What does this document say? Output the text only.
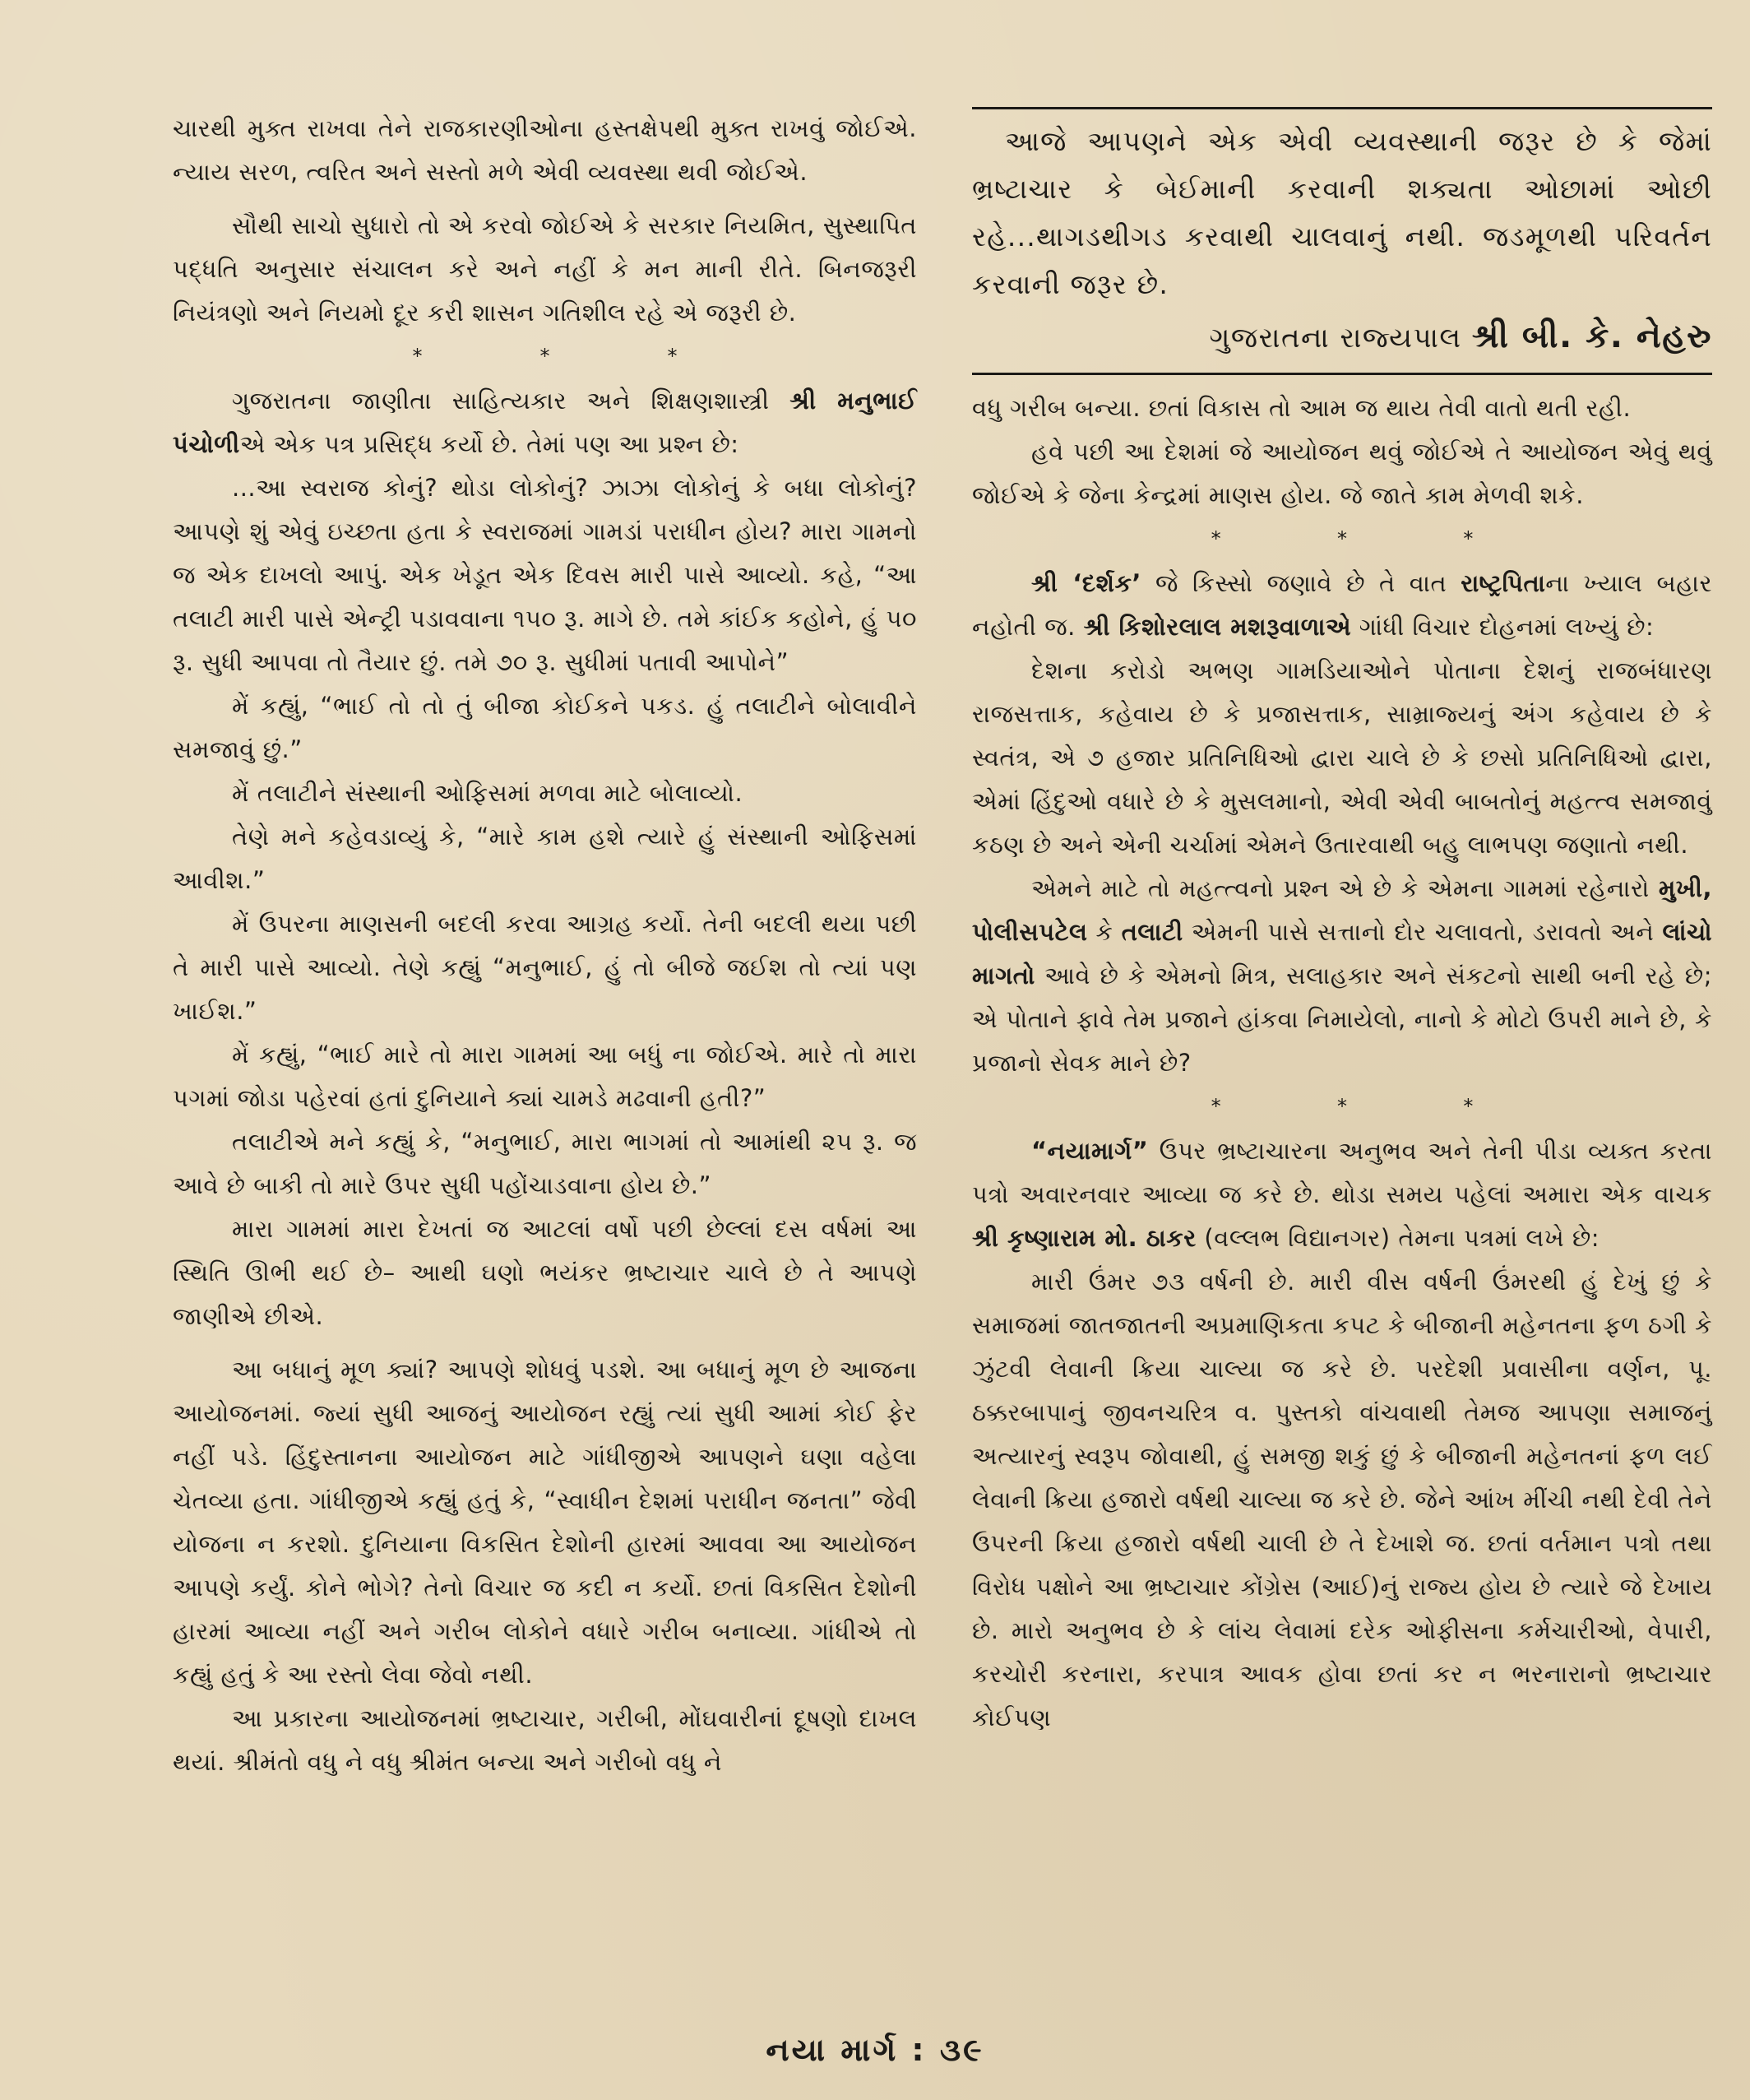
ચારથી મુક્ત રાખવા તેને રાજકારણીઓના હસ્તક્ષેપથી મુક્ત રાખવું જોઈએ. ન્યાય સરળ, ત્વરિત અને સસ્તો મળે એવી વ્યવસ્થા થવી જોઈએ.

સૌથી સાચો સુધારો તો એ કરવો જોઈએ કે સરકાર નિયમિત, સુસ્થાપિત પદ્ધતિ અનુસાર સંચાલન કરે અને નહીં કે મન માની રીતે. બિનજરૂરી નિયંત્રણો અને નિયમો દૂર કરી શાસન ગતિશીલ રહે એ જરૂરી છે.

*	*	*

ગુજરાતના જાણીતા સાહિત્યકાર અને શિક્ષણશાસ્ત્રી શ્રી મનુભાઈ પંચોળીએ એક પત્ર પ્રસિદ્ધ કર્યો છે. તેમાં પણ આ પ્રશ્ન છે:

...આ સ્વરાજ કોનું? થોડા લોકોનું? ઝાઝા લોકોનું કે બધા લોકોનું? આપણે શું એવું ઇચ્છતા હતા કે સ્વરાજમાં ગામડાં પરાધીન હોય? મારા ગામનો જ એક દાખલો આપું. એક ખેડૂત એક દિવસ મારી પાસે આવ્યો. કહે, “આ તલાટી મારી પાસે એન્ટ્રી પડાવવાના ૧૫૦ રૂ. માગે છે. તમે કાંઈક કહોને, હું ૫૦ રૂ. સુધી આપવા તો તૈયાર છું. તમે ૭૦ રૂ. સુધીમાં પતાવી આપોને”

મેં કહ્યું, “ભાઈ તો તો તું બીજા કોઈકને પકડ. હું તલાટીને બોલાવીને સમજાવું છું.”

મેં તલાટીને સંસ્થાની ઓફિસમાં મળવા માટે બોલાવ્યો.

તેણે મને કહેવડાવ્યું કે, “મારે કામ હશે ત્યારે હું સંસ્થાની ઓફિસમાં આવીશ.”

મેં ઉપરના માણસની બદલી કરવા આગ્રહ કર્યો. તેની બદલી થયા પછી તે મારી પાસે આવ્યો. તેણે કહ્યું “મનુભાઈ, હું તો બીજે જઈશ તો ત્યાં પણ ખાઈશ.”

મેં કહ્યું, “ભાઈ મારે તો મારા ગામમાં આ બધું ના જોઈએ. મારે તો મારા પગમાં જોડા પહેરવાં હતાં દુનિયાને ક્યાં ચામડે મઢવાની હતી?”

તલાટીએ મને કહ્યું કે, “મનુભાઈ, મારા ભાગમાં તો આમાંથી ૨૫ રૂ. જ આવે છે બાકી તો મારે ઉપર સુધી પહોંચાડવાના હોય છે.”

મારા ગામમાં મારા દેખતાં જ આટલાં વર્ષો પછી છેલ્લાં દસ વર્ષમાં આ સ્થિતિ ઊભી થઈ છે– આથી ઘણો ભયંકર ભ્રષ્ટાચાર ચાલે છે તે આપણે જાણીએ છીએ.

આ બધાનું મૂળ ક્યાં? આપણે શોધવું પડશે. આ બધાનું મૂળ છે આજના આયોજનમાં. જ્યાં સુધી આજનું આયોજન રહ્યું ત્યાં સુધી આમાં કોઈ ફેર નહીં પડે. હિંદુસ્તાનના આયોજન માટે ગાંધીજીએ આપણને ઘણા વહેલા ચેતવ્યા હતા. ગાંધીજીએ કહ્યું હતું કે, “સ્વાધીન દેશમાં પરાધીન જનતા” જેવી યોજના ન કરશો. દુનિયાના વિકસિત દેશોની હારમાં આવવા આ આયોજન આપણે કર્યું. કોને ભોગે? તેનો વિચાર જ કદી ન કર્યો. છતાં વિકસિત દેશોની હારમાં આવ્યા નહીં અને ગરીબ લોકોને વધારે ગરીબ બનાવ્યા. ગાંધીએ તો કહ્યું હતું કે આ રસ્તો લેવા જેવો નથી.

આ પ્રકારના આયોજનમાં ભ્રષ્ટાચાર, ગરીબી, મોંઘવારીનાં દૂષણો દાખલ થયાં. શ્રીમંતો વધુ ને વધુ શ્રીમંત બન્યા અને ગરીબો વધુ ને

આજે આપણને એક એવી વ્યવસ્થાની જરૂર છે કે જેમાં ભ્રષ્ટાચાર કે બેઈમાની કરવાની શક્યતા ઓછામાં ઓછી રહે...થાગડથીગડ કરવાથી ચાલવાનું નથી. જડમૂળથી પરિવર્તન કરવાની જરૂર છે.

ગુજરાતના રાજ્યપાલ શ્રી બી. કે. નેહરુ

વધુ ગરીબ બન્યા. છતાં વિકાસ તો આમ જ થાય તેવી વાતો થતી રહી.

હવે પછી આ દેશમાં જે આયોજન થવું જોઈએ તે આયોજન એવું થવું જોઈએ કે જેના કેન્દ્રમાં માણસ હોય. જે જાતે કામ મેળવી શકે.

*	*	*

શ્રી ‘દર્શક’ જે કિસ્સો જણાવે છે તે વાત રાષ્ટ્રપિતાના ખ્યાલ બહાર નહોતી જ. શ્રી કિશોરલાલ મશરૂવાળાએ ગાંધી વિચાર દોહનમાં લખ્યું છે:

દેશના કરોડો અભણ ગામડિયાઓને પોતાના દેશનું રાજબંધારણ રાજસત્તાક, કહેવાય છે કે પ્રજાસત્તાક, સામ્રાજ્યનું અંગ કહેવાય છે કે સ્વતંત્ર, એ ૭ હજાર પ્રતિનિધિઓ દ્વારા ચાલે છે કે છસો પ્રતિનિધિઓ દ્વારા, એમાં હિંદુઓ વધારે છે કે મુસલમાનો, એવી એવી બાબતોનું મહત્ત્વ સમજાવું કઠણ છે અને એની ચર્ચામાં એમને ઉતારવાથી બહુ લાભપણ જણાતો નથી.

એમને માટે તો મહત્ત્વનો પ્રશ્ન એ છે કે એમના ગામમાં રહેનારો મુખી, પોલીસપટેલ કે તલાટી એમની પાસે સત્તાનો દોર ચલાવતો, ડરાવતો અને લાંચો માગતો આવે છે કે એમનો મિત્ર, સલાહકાર અને સંકટનો સાથી બની રહે છે; એ પોતાને ફાવે તેમ પ્રજાને હાંકવા નિમાયેલો, નાનો કે મોટો ઉપરી માને છે, કે પ્રજાનો સેવક માને છે?

*	*	*

“નયામાર્ગ” ઉપર ભ્રષ્ટાચારના અનુભવ અને તેની પીડા વ્યક્ત કરતા પત્રો અવારનવાર આવ્યા જ કરે છે. થોડા સમય પહેલાં અમારા એક વાચક શ્રી કૃષ્ણારામ મો. ઠાકર (વલ્લભ વિદ્યાનગર) તેમના પત્રમાં લખે છે:

મારી ઉંમર ૭૩ વર્ષની છે. મારી વીસ વર્ષની ઉંમરથી હું દેખું છું કે સમાજમાં જાતજાતની અપ્રમાણિકતા કપટ કે બીજાની મહેનતના ફળ ઠગી કે ઝુંટવી લેવાની ક્રિયા ચાલ્યા જ કરે છે. પરદેશી પ્રવાસીના વર્ણન, પૂ. ઠક્કરબાપાનું જીવનચરિત્ર વ. પુસ્તકો વાંચવાથી તેમજ આપણા સમાજનું અત્યારનું સ્વરૂપ જોવાથી, હું સમજી શકું છું કે બીજાની મહેનતનાં ફળ લઈ લેવાની ક્રિયા હજારો વર્ષથી ચાલ્યા જ કરે છે. જેને આંખ મીંચી નથી દેવી તેને ઉપરની ક્રિયા હજારો વર્ષથી ચાલી છે તે દેખાશે જ. છતાં વર્તમાન પત્રો તથા વિરોધ પક્ષોને આ ભ્રષ્ટાચાર કોંગ્રેસ (આઈ)નું રાજ્ય હોય છે ત્યારે જે દેખાય છે. મારો અનુભવ છે કે લાંચ લેવામાં દરેક ઓફીસના કર્મચારીઓ, વેપારી, કરચોરી કરનારા, કરપાત્ર આવક હોવા છતાં કર ન ભરનારાનો ભ્રષ્ટાચાર કોઈપણ

નયા માર્ગ : ૩૯
